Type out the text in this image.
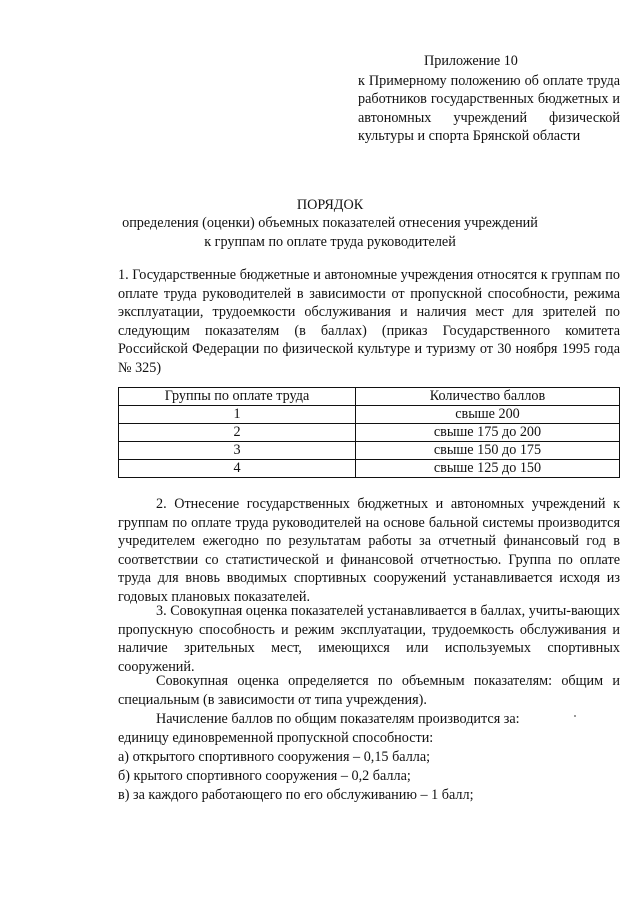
Приложение 10
к Примерному положению об оплате труда работников государственных бюджетных и автономных учреждений физической культуры и спорта Брянской области
ПОРЯДОК
определения (оценки) объемных показателей отнесения учреждений к группам по оплате труда руководителей
1. Государственные бюджетные и автономные учреждения относятся к группам по оплате труда руководителей в зависимости от пропускной способности, режима эксплуатации, трудоемкости обслуживания и наличия мест для зрителей по следующим показателям (в баллах) (приказ Государственного комитета Российской Федерации по физической культуре и туризму от 30 ноября 1995 года № 325)
Группы по оплате труда	Количество баллов
1	свыше 200
2	свыше 175 до 200
3	свыше 150 до 175
4	свыше 125 до 150
2. Отнесение государственных бюджетных и автономных учреждений к группам по оплате труда руководителей на основе бальной системы производится учредителем ежегодно по результатам работы за отчетный финансовый год в соответствии со статистической и финансовой отчетностью. Группа по оплате труда для вновь вводимых спортивных сооружений устанавливается исходя из годовых плановых показателей.
3. Совокупная оценка показателей устанавливается в баллах, учиты-вающих пропускную способность и режим эксплуатации, трудоемкость обслуживания и наличие зрительных мест, имеющихся или используемых спортивных сооружений.
Совокупная оценка определяется по объемным показателям: общим и специальным (в зависимости от типа учреждения).
Начисление баллов по общим показателям производится за:
единицу единовременной пропускной способности:
а) открытого спортивного сооружения – 0,15 балла;
б) крытого спортивного сооружения – 0,2 балла;
в) за каждого работающего по его обслуживанию – 1 балл;
